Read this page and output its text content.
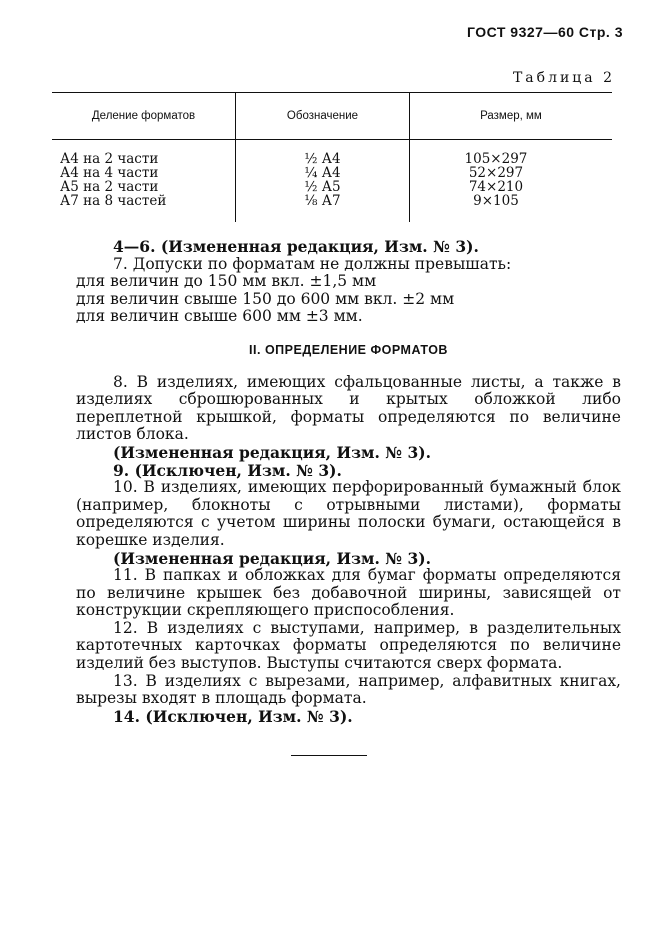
ГОСТ 9327—60 Стр. 3
Таблица 2
Деление форматов	Обозначение	Размер, мм
А4 на 2 части	½ А4	105×297
А4 на 4 части	¼ А4	52×297
А5 на 2 части	½ А5	74×210
А7 на 8 частей	⅛ А7	9×105

4—6. (Измененная редакция, Изм. № 3).

7. Допуски по форматам не должны превышать:

для величин до 150 мм вкл. ±1,5 мм

для величин свыше 150 до 600 мм вкл. ±2 мм

для величин свыше 600 мм ±3 мм.

II. ОПРЕДЕЛЕНИЕ ФОРМАТОВ

8. В изделиях, имеющих сфальцованные листы, а также в изделиях сброшюрованных и крытых обложкой либо переплетной крышкой, форматы определяются по величине листов блока.

(Измененная редакция, Изм. № 3).

9. (Исключен, Изм. № 3).

10. В изделиях, имеющих перфорированный бумажный блок (например, блокноты с отрывными листами), форматы определяются с учетом ширины полоски бумаги, остающейся в корешке изделия.

(Измененная редакция, Изм. № 3).

11. В папках и обложках для бумаг форматы определяются по величине крышек без добавочной ширины, зависящей от конструкции скрепляющего приспособления.

12. В изделиях с выступами, например, в разделительных картотечных карточках форматы определяются по величине изделий без выступов. Выступы считаются сверх формата.

13. В изделиях с вырезами, например, алфавитных книгах, вырезы входят в площадь формата.

14. (Исключен, Изм. № 3).
